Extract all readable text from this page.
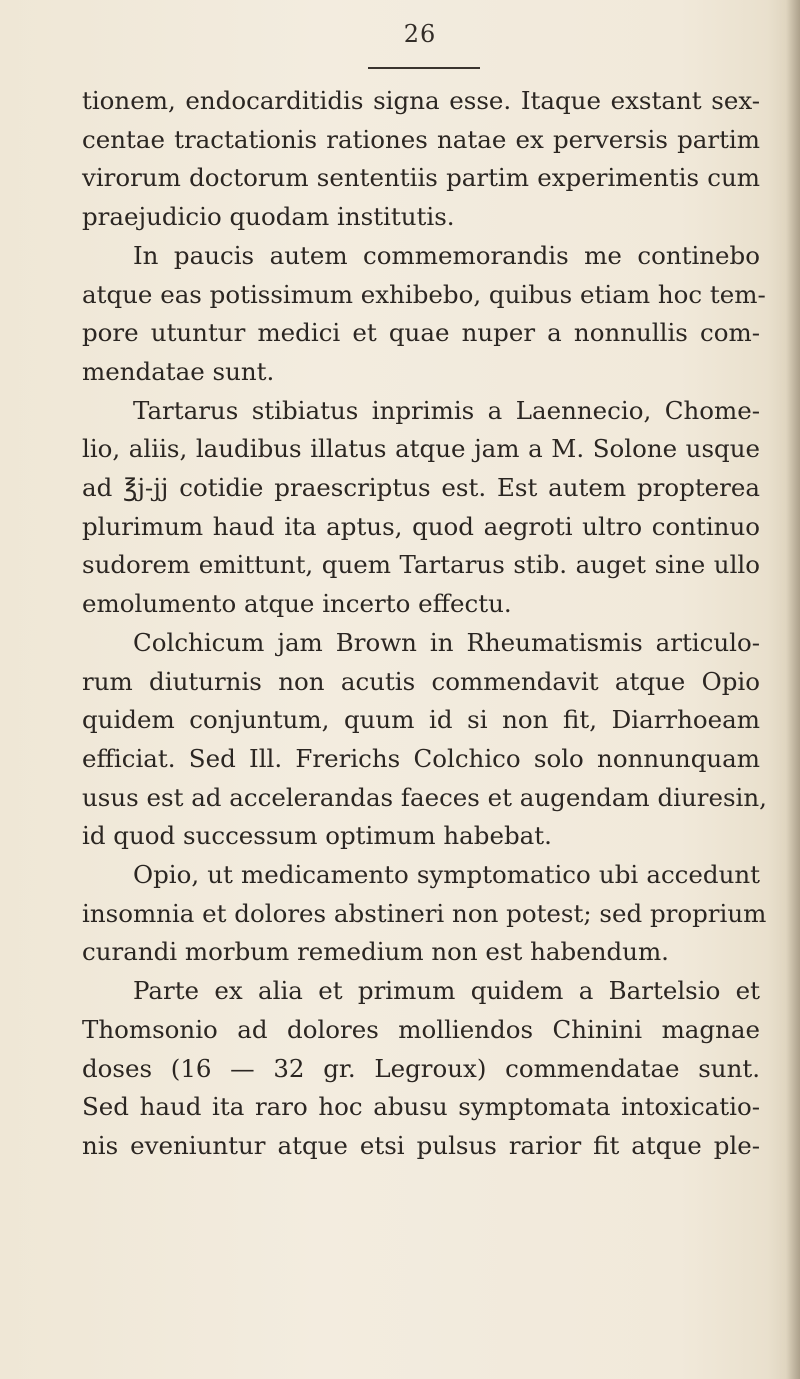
26
tionem, endocarditidis signa esse. Itaque exstant sex-
centae tractationis rationes natae ex perversis partim
virorum doctorum sententiis partim experimentis cum
praejudicio quodam institutis.
In paucis autem commemorandis me continebo
atque eas potissimum exhibebo, quibus etiam hoc tem-
pore utuntur medici et quae nuper a nonnullis com-
mendatae sunt.
Tartarus stibiatus inprimis a Laennecio, Chome-
lio, aliis, laudibus illatus atque jam a M. Solone usque
ad ℥j-jj cotidie praescriptus est. Est autem propterea
plurimum haud ita aptus, quod aegroti ultro continuo
sudorem emittunt, quem Tartarus stib. auget sine ullo
emolumento atque incerto effectu.
Colchicum jam Brown in Rheumatismis articulo-
rum diuturnis non acutis commendavit atque Opio
quidem conjuntum, quum id si non fit, Diarrhoeam
efficiat. Sed Ill. Frerichs Colchico solo nonnunquam
usus est ad accelerandas faeces et augendam diuresin,
id quod successum optimum habebat.
Opio, ut medicamento symptomatico ubi accedunt
insomnia et dolores abstineri non potest; sed proprium
curandi morbum remedium non est habendum.
Parte ex alia et primum quidem a Bartelsio et
Thomsonio ad dolores molliendos Chinini magnae
doses (16 — 32 gr. Legroux) commendatae sunt.
Sed haud ita raro hoc abusu symptomata intoxicatio-
nis eveniuntur atque etsi pulsus rarior fit atque ple-
